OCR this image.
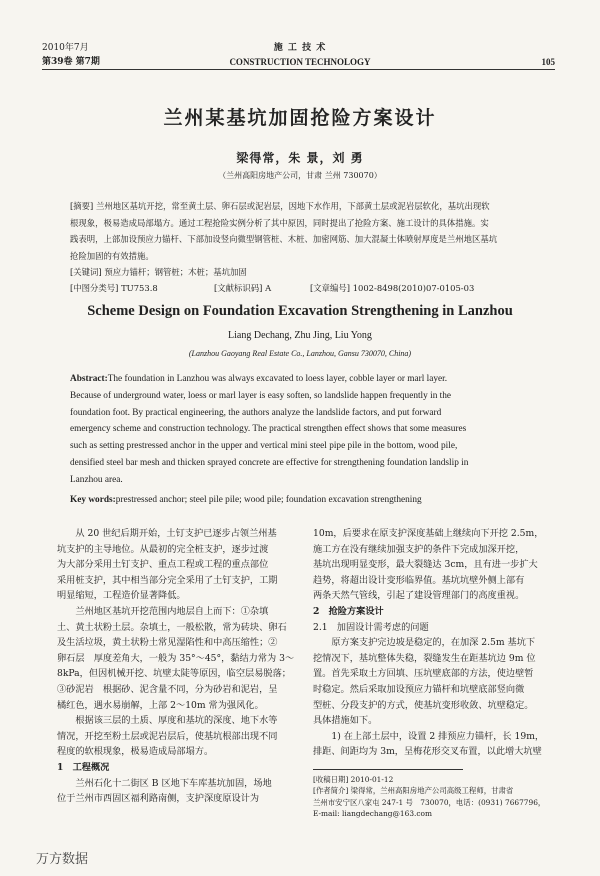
2010年7月
第39卷 第7期
施 工 技 术
CONSTRUCTION TECHNOLOGY	105
兰州某基坑加固抢险方案设计
梁得常，朱 景，刘 勇
（兰州高阳房地产公司，甘肃 兰州 730070）
[摘要] 兰州地区基坑开挖，常至黄土层、卵石层或泥岩层，因地下水作用，下部黄土层或泥岩层软化，基坑出现软
根现象，极易造成局部塌方。通过工程抢险实例分析了其中原因，同时提出了抢险方案、施工设计的具体措施。实
践表明，上部加设预应力锚杆、下部加设竖向微型钢管桩、木桩、加密网筋、加大混凝土体喷射厚度是兰州地区基坑
抢险加固的有效措施。
[关键词] 预应力锚杆；钢管桩；木桩；基坑加固
[中图分类号] TU753.8	[文献标识码] A	[文章编号] 1002-8498(2010)07-0105-03
Scheme Design on Foundation Excavation Strengthening in Lanzhou
Liang Dechang, Zhu Jing, Liu Yong
(Lanzhou Gaoyang Real Estate Co., Lanzhou, Gansu 730070, China)
Abstract:The foundation in Lanzhou was always excavated to loess layer, cobble layer or marl layer.
Because of underground water, loess or marl layer is easy soften, so landslide happen frequently in the
foundation foot. By practical engineering, the authors analyze the landslide factors, and put forward
emergency scheme and construction technology. The practical strengthen effect shows that some measures
such as setting prestressed anchor in the upper and vertical mini steel pipe pile in the bottom, wood pile,
densified steel bar mesh and thicken sprayed concrete are effective for strengthening foundation landslip in
Lanzhou area.
Key words:prestressed anchor; steel pile pile; wood pile; foundation excavation strengthening
　　从 20 世纪后期开始，土钉支护已逐步占领兰州基
坑支护的主导地位。从最初的完全桩支护，逐步过渡
为大部分采用土钉支护、重点工程或工程的重点部位
采用桩支护，其中相当部分完全采用了土钉支护，工期
明显缩短，工程造价显著降低。
　　兰州地区基坑开挖范围内地层自上而下：①杂填
土、黄土状粉土层。杂填土，一般松散，常为砖块、卵石
及生活垃圾，黄土状粉土常见湿陷性和中高压缩性；②
卵石层　厚度差角大，一般为 35°～45°，黏结力常为 3～
8kPa，但因机械开挖、坑壁太陡等原因，临空层易脱落；
③砂泥岩　根据砂、泥含量不同，分为砂岩和泥岩，呈
橘红色，遇水易崩解，上部 2～10m 常为强风化。
　　根据该三层的土质、厚度和基坑的深度、地下水等
情况，开挖至粉土层或泥岩层后，使基坑根部出现不同
程度的软根现象，极易造成局部塌方。
1　工程概况
　　兰州石化十二街区 B 区地下车库基坑加固，场地
位于兰州市西固区福利路南侧，支护深度原设计为
10m，后要求在原支护深度基础上继续向下开挖 2.5m，
施工方在没有继续加强支护的条件下完成加深开挖，
基坑出现明显变形，最大裂缝达 3cm，且有进一步扩大
趋势，将超出设计变形临界值。基坑坑壁外侧上部有
两条天然气管线，引起了建设管理部门的高度重视。
2　抢险方案设计
2.1　加固设计需考虑的问题
　　原方案支护完边坡是稳定的，在加深 2.5m 基坑下
挖情况下，基坑整体失稳，裂缝发生在距基坑边 9m 位
置。首先采取土方回填、压坑壁底部的方法，使边壁暂
时稳定。然后采取加设预应力锚杆和坑壁底部竖向微
型桩、分段支护的方式，使基坑变形收敛、坑壁稳定。
具体措施如下。
　　1) 在上部土层中，设置 2 排预应力锚杆，长 19m，
排距、间距均为 3m，呈梅花形交叉布置，以此增大坑壁
[收稿日期] 2010-01-12
[作者简介] 梁得常，兰州高阳房地产公司高级工程师，甘肃省
兰州市安宁区八家屯 247-1 号　730070，电话：(0931) 7667796，
E-mail: liangdechang@163.com
万方数据
